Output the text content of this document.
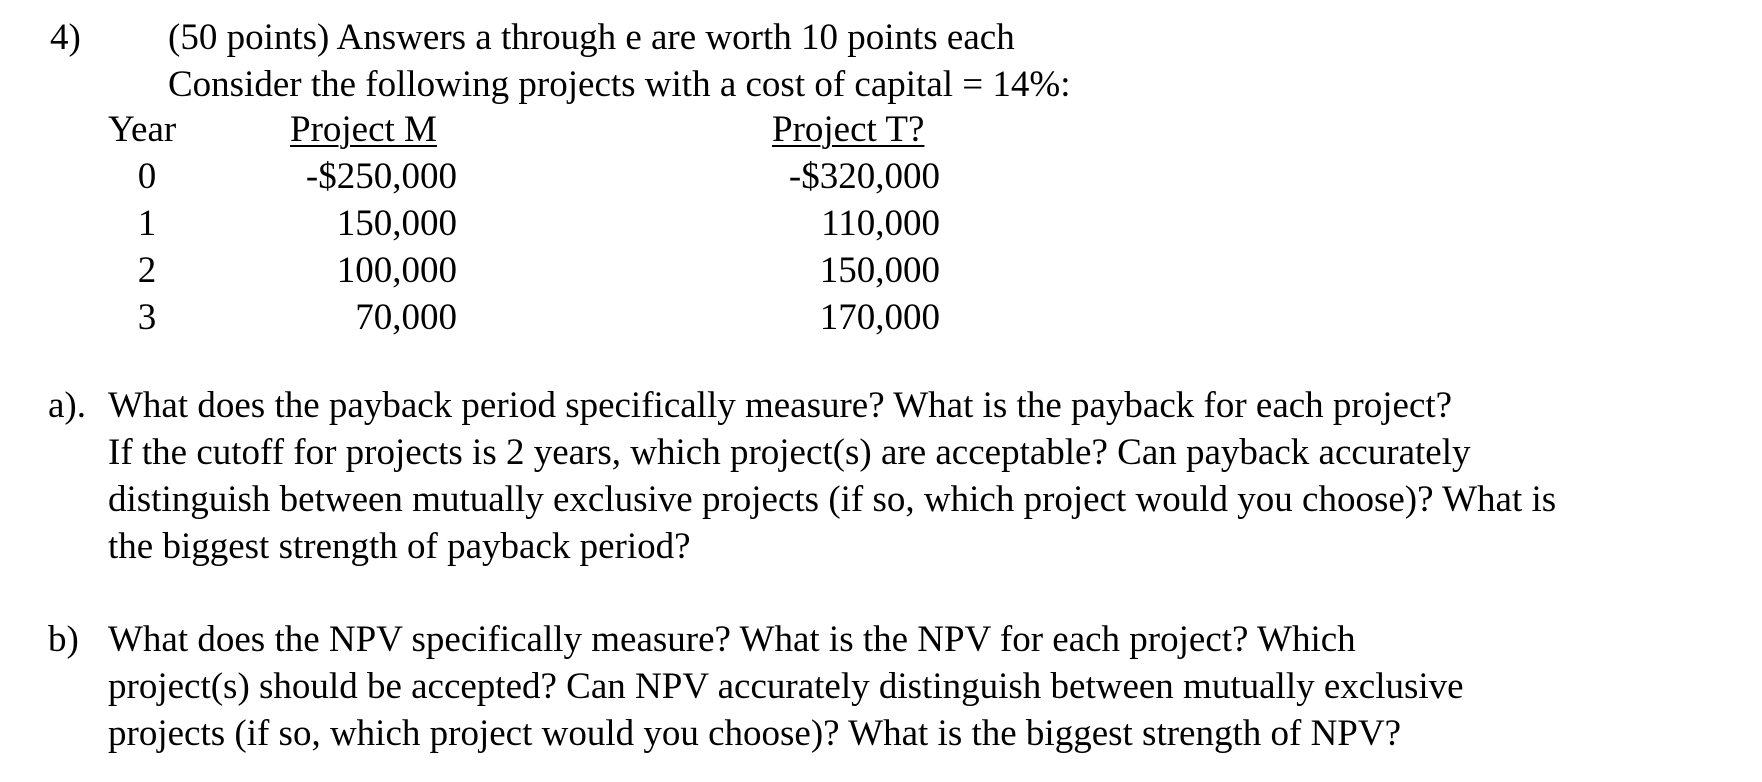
4) (50 points) Answers a through e are worth 10 points each
Consider the following projects with a cost of capital = 14%:
Year	Project M	Project T?
0	-$250,000	-$320,000
1	150,000	110,000
2	100,000	150,000
3	70,000	170,000
a). What does the payback period specifically measure? What is the payback for each project?
If the cutoff for projects is 2 years, which project(s) are acceptable? Can payback accurately
distinguish between mutually exclusive projects (if so, which project would you choose)? What is
the biggest strength of payback period?
b) What does the NPV specifically measure? What is the NPV for each project? Which
project(s) should be accepted? Can NPV accurately distinguish between mutually exclusive
projects (if so, which project would you choose)? What is the biggest strength of NPV?
